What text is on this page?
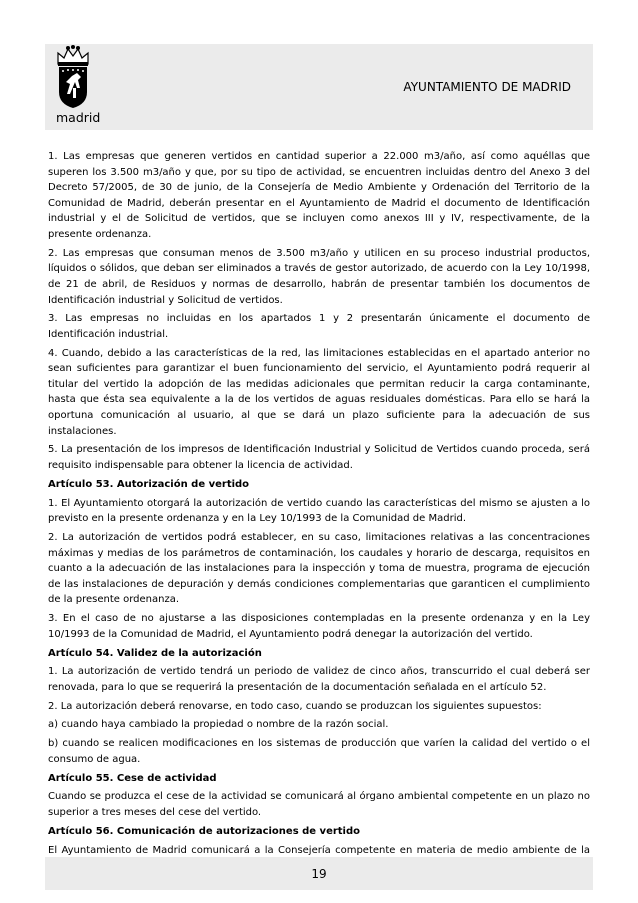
madrid
AYUNTAMIENTO DE MADRID

1. Las empresas que generen vertidos en cantidad superior a 22.000 m3/año, así como aquéllas que superen los 3.500 m3/año y que, por su tipo de actividad, se encuentren incluidas dentro del Anexo 3 del Decreto 57/2005, de 30 de junio, de la Consejería de Medio Ambiente y Ordenación del Territorio de la Comunidad de Madrid, deberán presentar en el Ayuntamiento de Madrid el documento de Identificación industrial y el de Solicitud de vertidos, que se incluyen como anexos III y IV, respectivamente, de la presente ordenanza.

2. Las empresas que consuman menos de 3.500 m3/año y utilicen en su proceso industrial productos, líquidos o sólidos, que deban ser eliminados a través de gestor autorizado, de acuerdo con la Ley 10/1998, de 21 de abril, de Residuos y normas de desarrollo, habrán de presentar también los documentos de Identificación industrial y Solicitud de vertidos.

3. Las empresas no incluidas en los apartados 1 y 2 presentarán únicamente el documento de Identificación industrial.

4. Cuando, debido a las características de la red, las limitaciones establecidas en el apartado anterior no sean suficientes para garantizar el buen funcionamiento del servicio, el Ayuntamiento podrá requerir al titular del vertido la adopción de las medidas adicionales que permitan reducir la carga contaminante, hasta que ésta sea equivalente a la de los vertidos de aguas residuales domésticas. Para ello se hará la oportuna comunicación al usuario, al que se dará un plazo suficiente para la adecuación de sus instalaciones.

5. La presentación de los impresos de Identificación Industrial y Solicitud de Vertidos cuando proceda, será requisito indispensable para obtener la licencia de actividad.

Artículo 53. Autorización de vertido

1. El Ayuntamiento otorgará la autorización de vertido cuando las características del mismo se ajusten a lo previsto en la presente ordenanza y en la Ley 10/1993 de la Comunidad de Madrid.

2. La autorización de vertidos podrá establecer, en su caso, limitaciones relativas a las concentraciones máximas y medias de los parámetros de contaminación, los caudales y horario de descarga, requisitos en cuanto a la adecuación de las instalaciones para la inspección y toma de muestra, programa de ejecución de las instalaciones de depuración y demás condiciones complementarias que garanticen el cumplimiento de la presente ordenanza.

3. En el caso de no ajustarse a las disposiciones contempladas en la presente ordenanza y en la Ley 10/1993 de la Comunidad de Madrid, el Ayuntamiento podrá denegar la autorización del vertido.

Artículo 54. Validez de la autorización

1. La autorización de vertido tendrá un periodo de validez de cinco años, transcurrido el cual deberá ser renovada, para lo que se requerirá la presentación de la documentación señalada en el artículo 52.

2. La autorización deberá renovarse, en todo caso, cuando se produzcan los siguientes supuestos:

a) cuando haya cambiado la propiedad o nombre de la razón social.

b) cuando se realicen modificaciones en los sistemas de producción que varíen la calidad del vertido o el consumo de agua.

Artículo 55. Cese de actividad

Cuando se produzca el cese de la actividad se comunicará al órgano ambiental competente en un plazo no superior a tres meses del cese del vertido.

Artículo 56. Comunicación de autorizaciones de vertido

El Ayuntamiento de Madrid comunicará a la Consejería competente en materia de medio ambiente de la

19
